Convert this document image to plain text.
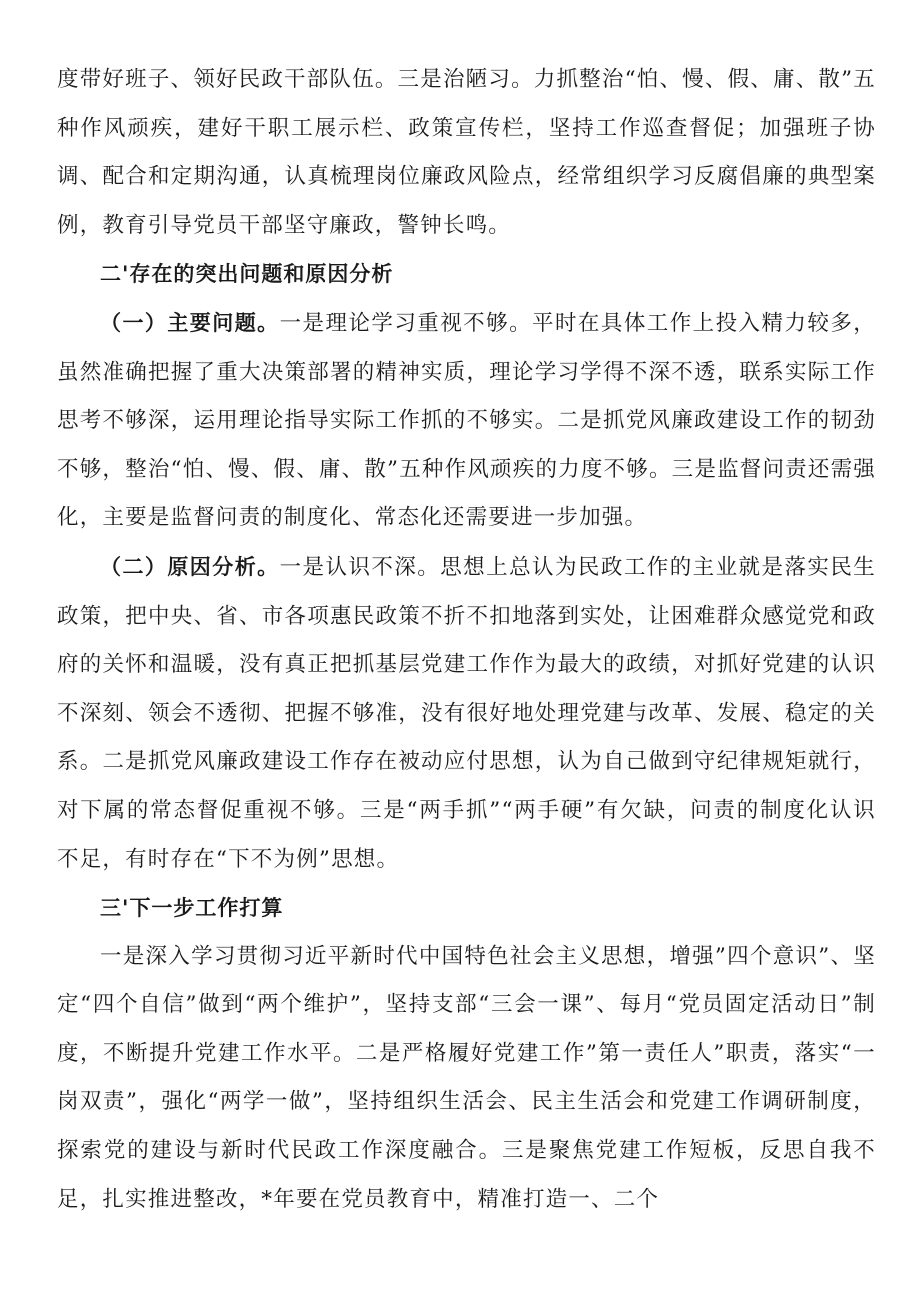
度带好班子、领好民政干部队伍。三是治陋习。力抓整治“怕、慢、假、庸、散”五种作风顽疾，建好干职工展示栏、政策宣传栏，坚持工作巡查督促；加强班子协调、配合和定期沟通，认真梳理岗位廉政风险点，经常组织学习反腐倡廉的典型案例，教育引导党员干部坚守廉政，警钟长鸣。

二'存在的突出问题和原因分析

（一）主要问题。一是理论学习重视不够。平时在具体工作上投入精力较多，虽然准确把握了重大决策部署的精神实质，理论学习学得不深不透，联系实际工作思考不够深，运用理论指导实际工作抓的不够实。二是抓党风廉政建设工作的韧劲不够，整治“怕、慢、假、庸、散”五种作风顽疾的力度不够。三是监督问责还需强化，主要是监督问责的制度化、常态化还需要进一步加强。

（二）原因分析。一是认识不深。思想上总认为民政工作的主业就是落实民生政策，把中央、省、市各项惠民政策不折不扣地落到实处，让困难群众感觉党和政府的关怀和温暖，没有真正把抓基层党建工作作为最大的政绩，对抓好党建的认识不深刻、领会不透彻、把握不够准，没有很好地处理党建与改革、发展、稳定的关系。二是抓党风廉政建设工作存在被动应付思想，认为自己做到守纪律规矩就行，对下属的常态督促重视不够。三是“两手抓”“两手硬”有欠缺，问责的制度化认识不足，有时存在“下不为例”思想。

三'下一步工作打算

一是深入学习贯彻习近平新时代中国特色社会主义思想，增强”四个意识”、坚定“四个自信”做到“两个维护”，坚持支部“三会一课”、每月“党员固定活动日”制度，不断提升党建工作水平。二是严格履好党建工作”第一责任人”职责，落实“一岗双责”，强化“两学一做”，坚持组织生活会、民主生活会和党建工作调研制度，探索党的建设与新时代民政工作深度融合。三是聚焦党建工作短板，反思自我不足，扎实推进整改，*年要在党员教育中，精准打造一、二个
